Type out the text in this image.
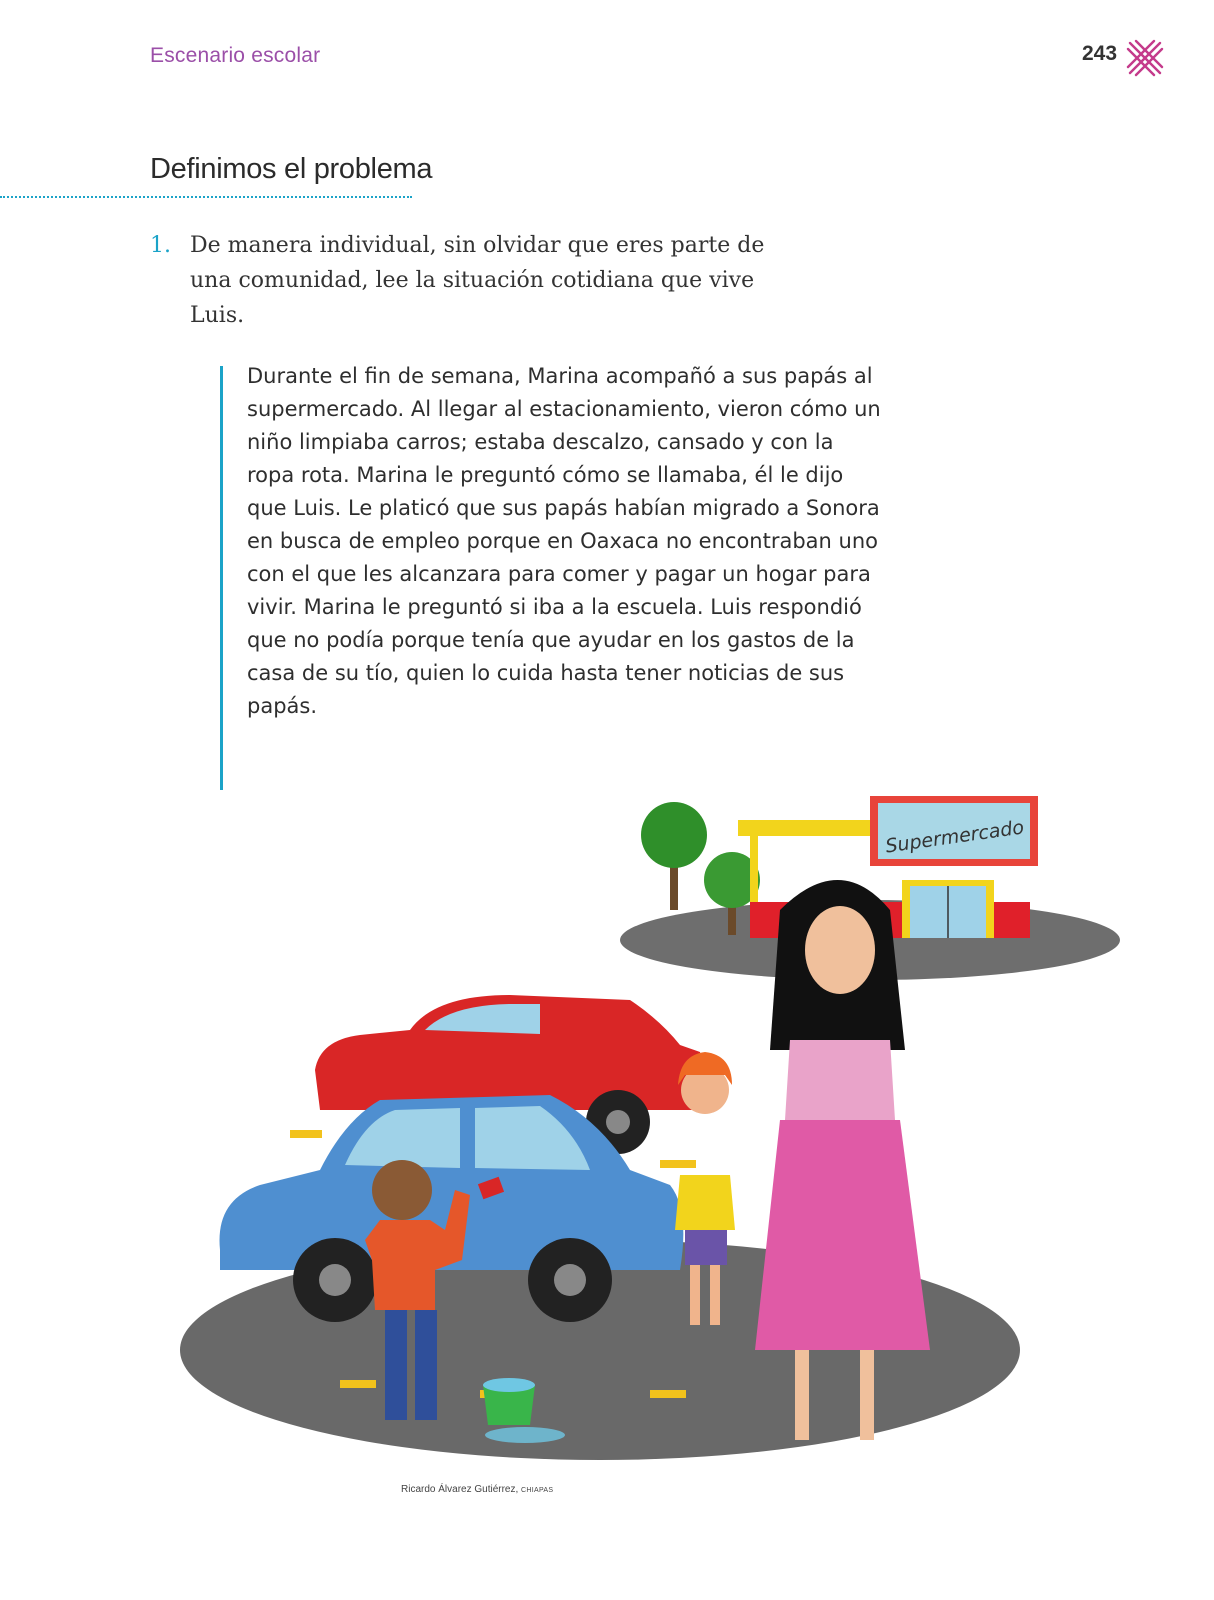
Escenario escolar	243
Definimos el problema
1. De manera individual, sin olvidar que eres parte de una comunidad, lee la situación cotidiana que vive Luis.
Durante el fin de semana, Marina acompañó a sus papás al supermercado. Al llegar al estacionamiento, vieron cómo un niño limpiaba carros; estaba descalzo, cansado y con la ropa rota. Marina le preguntó cómo se llamaba, él le dijo que Luis. Le platicó que sus papás habían migrado a Sonora en busca de empleo porque en Oaxaca no encontraban uno con el que les alcanzara para comer y pagar un hogar para vivir. Marina le preguntó si iba a la escuela. Luis respondió que no podía porque tenía que ayudar en los gastos de la casa de su tío, quien lo cuida hasta tener noticias de sus papás.
Supermercado
Ricardo Álvarez Gutiérrez, CHIAPAS
